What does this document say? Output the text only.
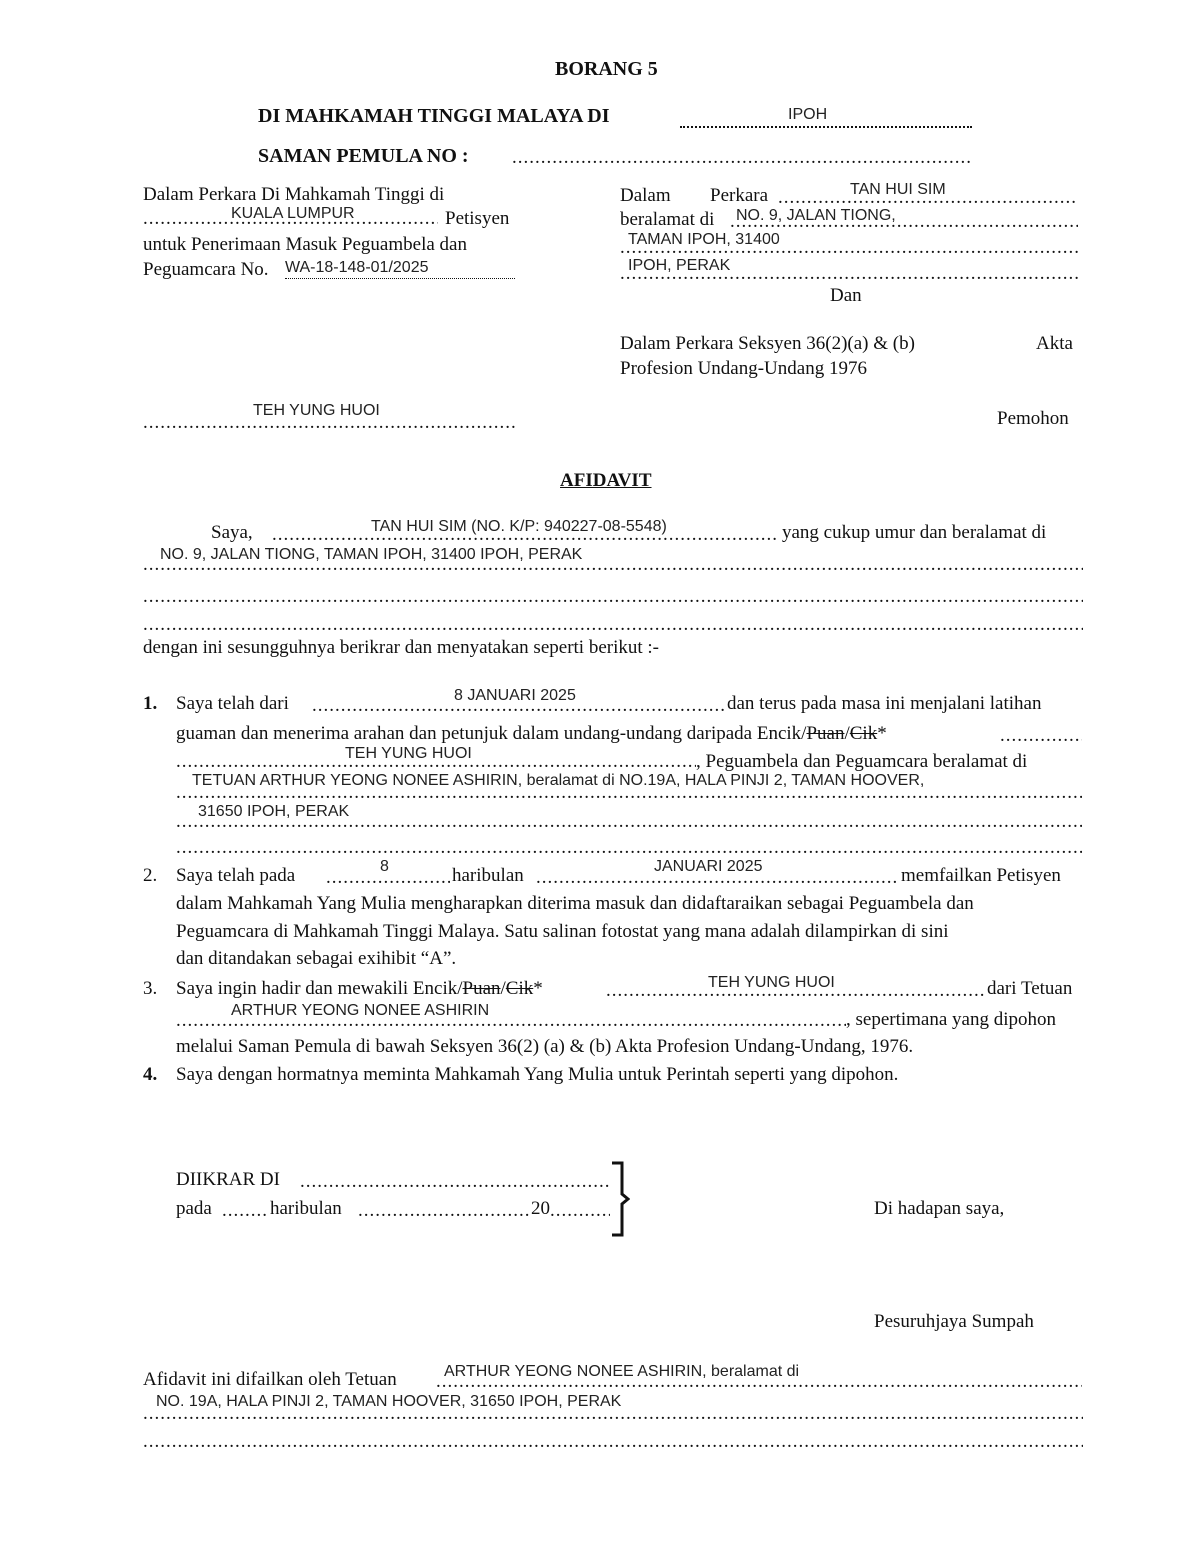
BORANG 5
DI MAHKAMAH TINGGI MALAYA DI	IPOH
SAMAN PEMULA NO :
.....
Dalam Perkara Di Mahkamah Tinggi di
.....
KUALA LUMPUR	Petisyen
untuk Penerimaan Masuk Peguambela dan
Peguamcara No. WA-18-148-01/2025
Dalam Perkara .....	TAN HUI SIM
beralamat di ..... NO. 9, JALAN TIONG,
.....
TAMAN IPOH, 31400
.....
IPOH, PERAK
Dan
Dalam Perkara Seksyen 36(2)(a) & (b)	Akta
Profesion Undang-Undang 1976
.....
TEH YUNG HUOI	Pemohon
AFIDAVIT
Saya, .....	TAN HUI SIM (NO. K/P: 940227-08-5548)	yang cukup umur dan beralamat di
.....
NO. 9, JALAN TIONG, TAMAN IPOH, 31400 IPOH, PERAK
.....
.....
dengan ini sesungguhnya berikrar dan menyatakan seperti berikut :-
1. Saya telah dari .....	8 JANUARI 2025	dan terus pada masa ini menjalani latihan
guaman dan menerima arahan dan petunjuk dalam undang-undang daripada Encik/Puan/Cik*
.....
.....
TEH YUNG HUOI	, Peguambela dan Peguamcara beralamat di
.....
TETUAN ARTHUR YEONG NONEE ASHIRIN, beralamat di NO.19A, HALA PINJI 2, TAMAN HOOVER,
.....
31650 IPOH, PERAK
.....
2. Saya telah pada .....	8	haribulan .....	JANUARI 2025	memfailkan Petisyen
dalam Mahkamah Yang Mulia mengharapkan diterima masuk dan didaftaraikan sebagai Peguambela dan
Peguamcara di Mahkamah Tinggi Malaya. Satu salinan fotostat yang mana adalah dilampirkan di sini
dan ditandakan sebagai exihibit “A”.
3. Saya ingin hadir dan mewakili Encik/Puan/Cik* .....	TEH YUNG HUOI	dari Tetuan
.....
ARTHUR YEONG NONEE ASHIRIN	, sepertimana yang dipohon
melalui Saman Pemula di bawah Seksyen 36(2) (a) & (b) Akta Profesion Undang-Undang, 1976.
4. Saya dengan hormatnya meminta Mahkamah Yang Mulia untuk Perintah seperti yang dipohon.
DIIKRAR DI
.....
pada .....	haribulan .....	20 .....	Di hadapan saya,
Pesuruhjaya Sumpah
Afidavit ini difailkan oleh Tetuan .....	ARTHUR YEONG NONEE ASHIRIN, beralamat di
.....
NO. 19A, HALA PINJI 2, TAMAN HOOVER, 31650 IPOH, PERAK
.....
